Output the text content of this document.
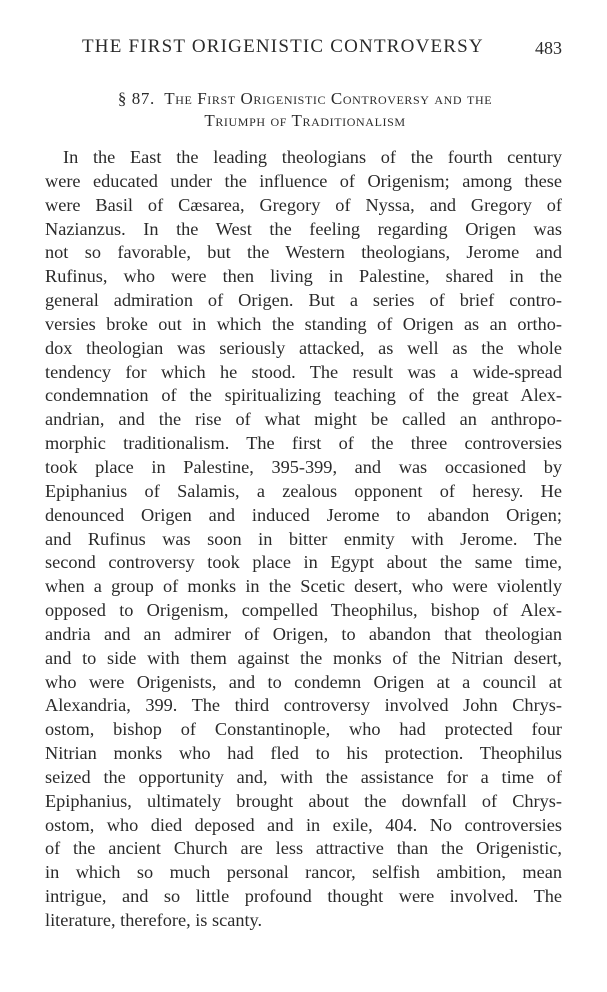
THE FIRST ORIGENISTIC CONTROVERSY	483
§ 87.  The First Origenistic Controversy and the
Triumph of Traditionalism
In the East the leading theologians of the fourth century
were educated under the influence of Origenism; among these
were Basil of Cæsarea, Gregory of Nyssa, and Gregory of
Nazianzus. In the West the feeling regarding Origen was
not so favorable, but the Western theologians, Jerome and
Rufinus, who were then living in Palestine, shared in the
general admiration of Origen. But a series of brief contro-
versies broke out in which the standing of Origen as an ortho-
dox theologian was seriously attacked, as well as the whole
tendency for which he stood. The result was a wide-spread
condemnation of the spiritualizing teaching of the great Alex-
andrian, and the rise of what might be called an anthropo-
morphic traditionalism. The first of the three controversies
took place in Palestine, 395-399, and was occasioned by
Epiphanius of Salamis, a zealous opponent of heresy. He
denounced Origen and induced Jerome to abandon Origen;
and Rufinus was soon in bitter enmity with Jerome. The
second controversy took place in Egypt about the same time,
when a group of monks in the Scetic desert, who were violently
opposed to Origenism, compelled Theophilus, bishop of Alex-
andria and an admirer of Origen, to abandon that theologian
and to side with them against the monks of the Nitrian desert,
who were Origenists, and to condemn Origen at a council at
Alexandria, 399. The third controversy involved John Chrys-
ostom, bishop of Constantinople, who had protected four
Nitrian monks who had fled to his protection. Theophilus
seized the opportunity and, with the assistance for a time of
Epiphanius, ultimately brought about the downfall of Chrys-
ostom, who died deposed and in exile, 404. No controversies
of the ancient Church are less attractive than the Origenistic,
in which so much personal rancor, selfish ambition, mean
intrigue, and so little profound thought were involved. The
literature, therefore, is scanty.
